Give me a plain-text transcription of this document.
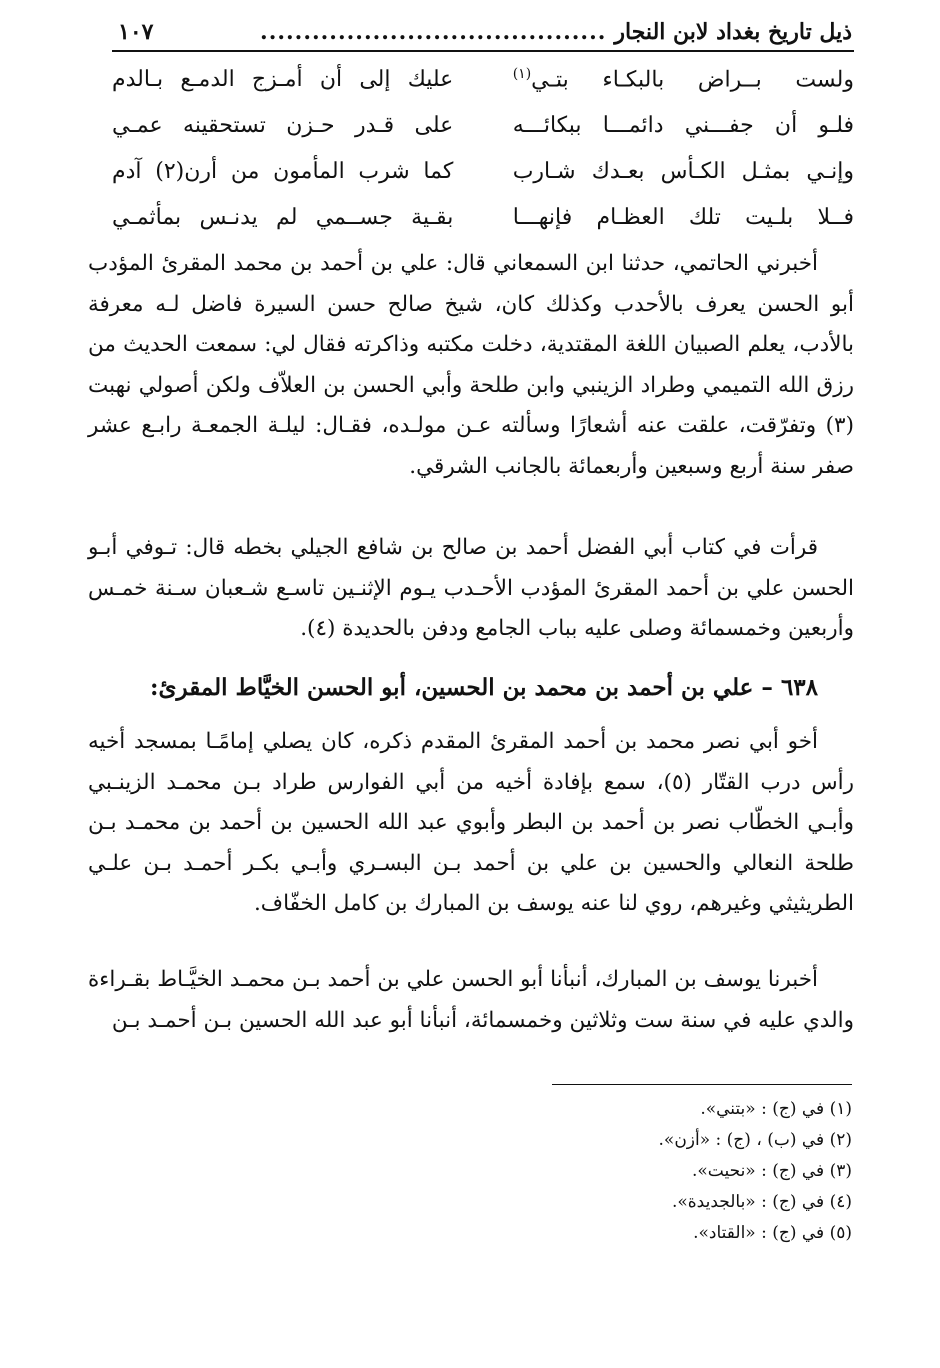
ذيل تاريخ بغداد لابن النجار
........................................
١٠٧
ولست بــراض بالبكـاء بتـي$^{(١)}$
عليك إلى أن أمـزج الدمـع بـالدم
فلـو أن جفـــني دائمـــا ببكائـــه
على قـدر حـزن تستحقينه عمـي
وإنـي بمثـل الكـأس بعـدك شـارب
كما شرب المأمون من أرن(٢) آدم
فــلا بلـيت تلك العظـام فإنهـــا
بقـية جســمي لم يدنـس بمأثمـي

أخبرني الحاتمي، حدثنا ابن السمعاني قال: علي بن أحمد بن محمد المقرئ المؤدب أبو الحسن يعرف بالأحدب وكذلك كان، شيخ صالح حسن السيرة فاضل لـه معرفة بالأدب، يعلم الصبيان اللغة المقتدية، دخلت مكتبه وذاكرته فقال لي: سمعت الحديث من رزق الله التميمي وطراد الزينبي وابن طلحة وأبي الحسن بن العلاّف ولكن أصولي نهبت (٣) وتفرّقت، علقت عنه أشعارًا وسألته عـن مولـده، فقـال: ليلـة الجمعـة رابـع عشر صفر سنة أربع وسبعين وأربعمائة بالجانب الشرقي.

قرأت في كتاب أبي الفضل أحمد بن صالح بن شافع الجيلي بخطه قال: تـوفي أبـو الحسن علي بن أحمد المقرئ المؤدب الأحـدب يـوم الإثنـين تاسـع شـعبان سـنة خمـس وأربعين وخمسمائة وصلى عليه بباب الجامع ودفن بالحديدة (٤).

٦٣٨ – علي بن أحمد بن محمد بن الحسين، أبو الحسن الخيَّاط المقرئ:

أخو أبي نصر محمد بن أحمد المقرئ المقدم ذكره، كان يصلي إمامًـا بمسجد أخيه رأس درب القتّار (٥)، سمع بإفادة أخيه من أبي الفوارس طراد بـن محمـد الزينـبي وأبـي الخطّاب نصر بن أحمد بن البطر وأبوي عبد الله الحسين بن أحمد بن محمـد بـن طلحة النعالي والحسين بن علي بن أحمد بـن البسـري وأبـي بكـر أحمـد بـن علـي الطريثيثي وغيرهم، روي لنا عنه يوسف بن المبارك بن كامل الخفّاف.

أخبرنا يوسف بن المبارك، أنبأنا أبو الحسن علي بن أحمد بـن محمـد الخيَّـاط بقـراءة والدي عليه في سنة ست وثلاثين وخمسمائة، أنبأنا أبو عبد الله الحسين بـن أحمـد بـن

(١) في (ج) : «بتني».
(٢) في (ب) ، (ج) : «أزن».
(٣) في (ج) : «نحيت».
(٤) في (ج) : «بالجديدة».
(٥) في (ج) : «القتاد».
